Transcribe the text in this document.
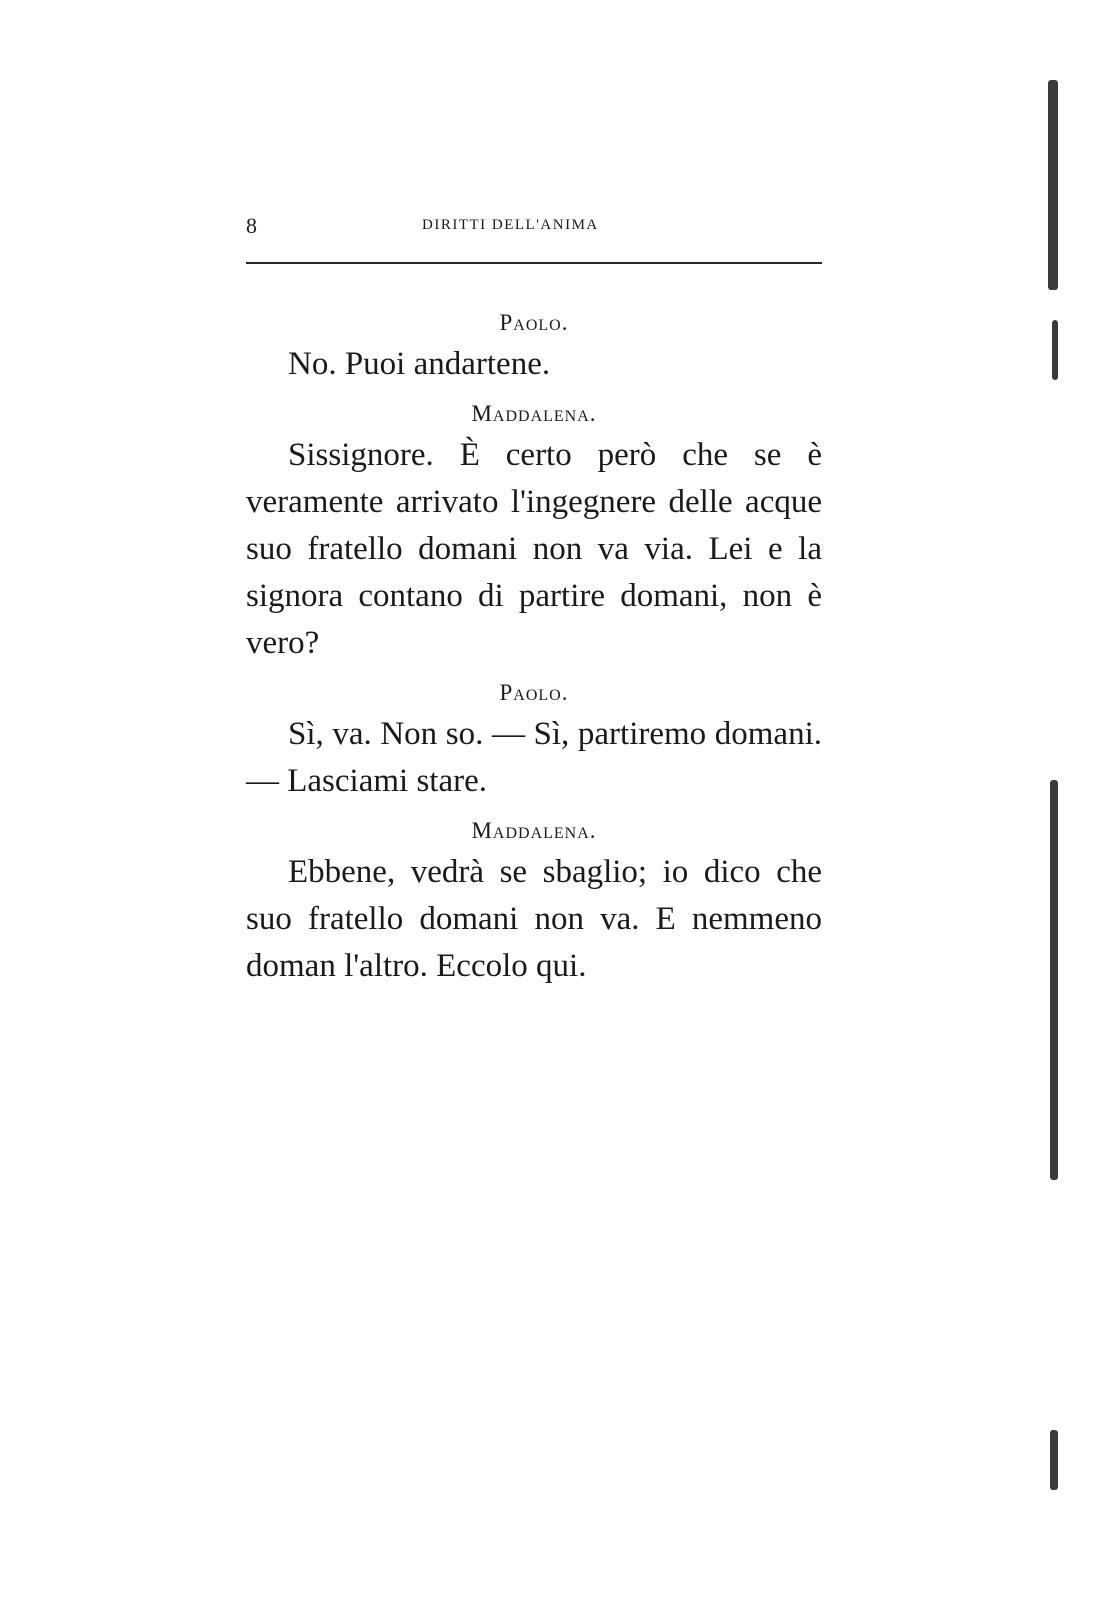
8	DIRITTI DELL'ANIMA

Paolo.

No. Puoi andartene.

Maddalena.

Sissignore. È certo però che se è veramente arrivato l'ingegnere delle acque suo fratello domani non va via. Lei e la signora contano di partire domani, non è vero?

Paolo.

Sì, va. Non so. — Sì, partiremo domani. — Lasciami stare.

Maddalena.

Ebbene, vedrà se sbaglio; io dico che suo fratello domani non va. E nemmeno doman l'altro. Eccolo qui.
